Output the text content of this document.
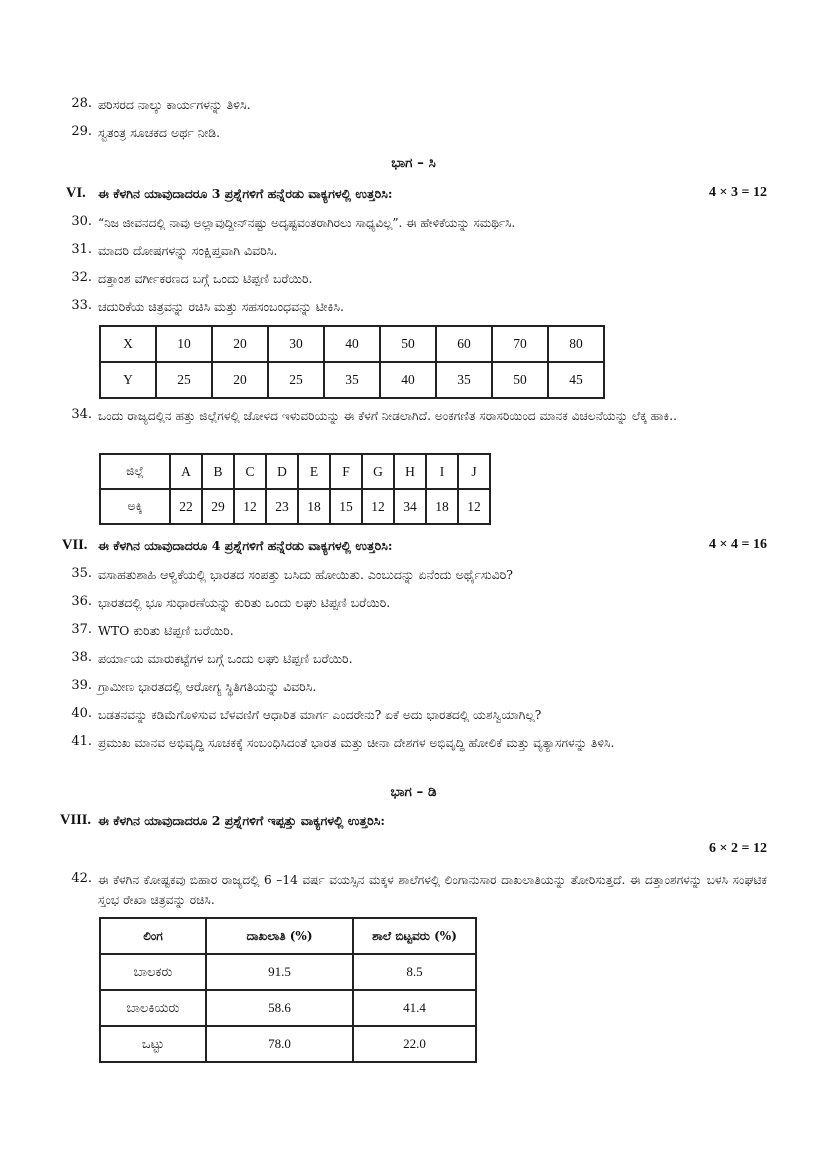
28. ಪರಿಸರದ ನಾಲ್ಕು ಕಾರ್ಯಗಳನ್ನು ತಿಳಿಸಿ.
29. ಸ್ವತಂತ್ರ ಸೂಚಕದ ಅರ್ಥ ನೀಡಿ.
ಭಾಗ – ಸಿ
VI. ಈ ಕೆಳಗಿನ ಯಾವುದಾದರೂ 3 ಪ್ರಶ್ನೆಗಳಿಗೆ ಹನ್ನೆರಡು ವಾಕ್ಯಗಳಲ್ಲಿ ಉತ್ತರಿಸಿ:	4 × 3 = 12
30. “ನಿಜ ಜೀವನದಲ್ಲಿ ನಾವು ಅಲ್ಲಾವುದ್ದೀನ್‌ನಷ್ಟು ಅದೃಷ್ಟವಂತರಾಗಿರಲು ಸಾಧ್ಯವಿಲ್ಲ”. ಈ ಹೇಳಿಕೆಯನ್ನು ಸಮರ್ಥಿಸಿ.
31. ಮಾದರಿ ದೋಷಗಳನ್ನು ಸಂಕ್ಷಿಪ್ತವಾಗಿ ವಿವರಿಸಿ.
32. ದತ್ತಾಂಶ ವರ್ಗೀಕರಣದ ಬಗ್ಗೆ ಒಂದು ಟಿಪ್ಪಣಿ ಬರೆಯಿರಿ.
33. ಚದುರಿಕೆಯ ಚಿತ್ರವನ್ನು ರಚಿಸಿ ಮತ್ತು ಸಹಸಂಬಂಧವನ್ನು ಟೀಕಿಸಿ.
X	10	20	30	40	50	60	70	80
Y	25	20	25	35	40	35	50	45
34. ಒಂದು ರಾಜ್ಯದಲ್ಲಿನ ಹತ್ತು ಜಿಲ್ಲೆಗಳಲ್ಲಿ ಜೋಳದ ಇಳುವರಿಯನ್ನು ಈ ಕೆಳಗೆ ನೀಡಲಾಗಿದೆ. ಅಂಕಗಣಿತ ಸರಾಸರಿಯಿಂದ ಮಾನಕ ವಿಚಲನೆಯನ್ನು ಲೆಕ್ಕ ಹಾಕಿ..
ಜಿಲ್ಲೆ	A	B	C	D	E	F	G	H	I	J
ಅಕ್ಕಿ	22	29	12	23	18	15	12	34	18	12
VII. ಈ ಕೆಳಗಿನ ಯಾವುದಾದರೂ 4 ಪ್ರಶ್ನೆಗಳಿಗೆ ಹನ್ನೆರಡು ವಾಕ್ಯಗಳಲ್ಲಿ ಉತ್ತರಿಸಿ:	4 × 4 = 16
35. ವಸಾಹತುಶಾಹಿ ಆಳ್ವಿಕೆಯಲ್ಲಿ ಭಾರತದ ಸಂಪತ್ತು ಬಸಿದು ಹೋಯಿತು. ಎಂಬುದನ್ನು ಏನೆಂದು ಅರ್ಥೈಸುವಿರಿ?
36. ಭಾರತದಲ್ಲಿ ಭೂ ಸುಧಾರಣೆಯನ್ನು ಕುರಿತು ಒಂದು ಲಘು ಟಿಪ್ಪಣಿ ಬರೆಯಿರಿ.
37. WTO ಕುರಿತು ಟಿಪ್ಪಣಿ ಬರೆಯಿರಿ.
38. ಪರ್ಯಾಯ ಮಾರುಕಟ್ಟೆಗಳ ಬಗ್ಗೆ ಒಂದು ಲಘು ಟಿಪ್ಪಣಿ ಬರೆಯಿರಿ.
39. ಗ್ರಾಮೀಣ ಭಾರತದಲ್ಲಿ ಆರೋಗ್ಯ ಸ್ಥಿತಿಗತಿಯನ್ನು ವಿವರಿಸಿ.
40. ಬಡತನವನ್ನು ಕಡಿಮೆಗೊಳಿಸುವ ಬೆಳವಣಿಗೆ ಆಧಾರಿತ ಮಾರ್ಗ ಎಂದರೇನು? ಏಕೆ ಅದು ಭಾರತದಲ್ಲಿ ಯಶಸ್ವಿಯಾಗಿಲ್ಲ?
41. ಪ್ರಮುಖ ಮಾನವ ಅಭಿವೃದ್ಧಿ ಸೂಚಕಕ್ಕೆ ಸಂಬಂಧಿಸಿದಂತೆ ಭಾರತ ಮತ್ತು ಚೀನಾ ದೇಶಗಳ ಅಭಿವೃದ್ಧಿ ಹೋಲಿಕೆ ಮತ್ತು ವ್ಯತ್ಯಾಸಗಳನ್ನು ತಿಳಿಸಿ.
ಭಾಗ – ಡಿ
VIII. ಈ ಕೆಳಗಿನ ಯಾವುದಾದರೂ 2 ಪ್ರಶ್ನೆಗಳಿಗೆ ಇಪ್ಪತ್ತು ವಾಕ್ಯಗಳಲ್ಲಿ ಉತ್ತರಿಸಿ:
6 × 2 = 12
42. ಈ ಕೆಳಗಿನ ಕೋಷ್ಟಕವು ಬಿಹಾರ ರಾಜ್ಯದಲ್ಲಿ 6 –14 ವರ್ಷ ವಯಸ್ಸಿನ ಮಕ್ಕಳ ಶಾಲೆಗಳಲ್ಲಿ ಲಿಂಗಾನುಸಾರ ದಾಖಲಾತಿಯನ್ನು ತೋರಿಸುತ್ತದೆ. ಈ ದತ್ತಾಂಶಗಳನ್ನು ಬಳಸಿ ಸಂಘಟಿಕ ಸ್ತಂಭ ರೇಖಾ ಚಿತ್ರವನ್ನು ರಚಿಸಿ.
ಲಿಂಗ	ದಾಖಲಾತಿ (%)	ಶಾಲೆ ಬಿಟ್ಟವರು (%)
ಬಾಲಕರು	91.5	8.5
ಬಾಲಕಿಯರು	58.6	41.4
ಒಟ್ಟು	78.0	22.0
